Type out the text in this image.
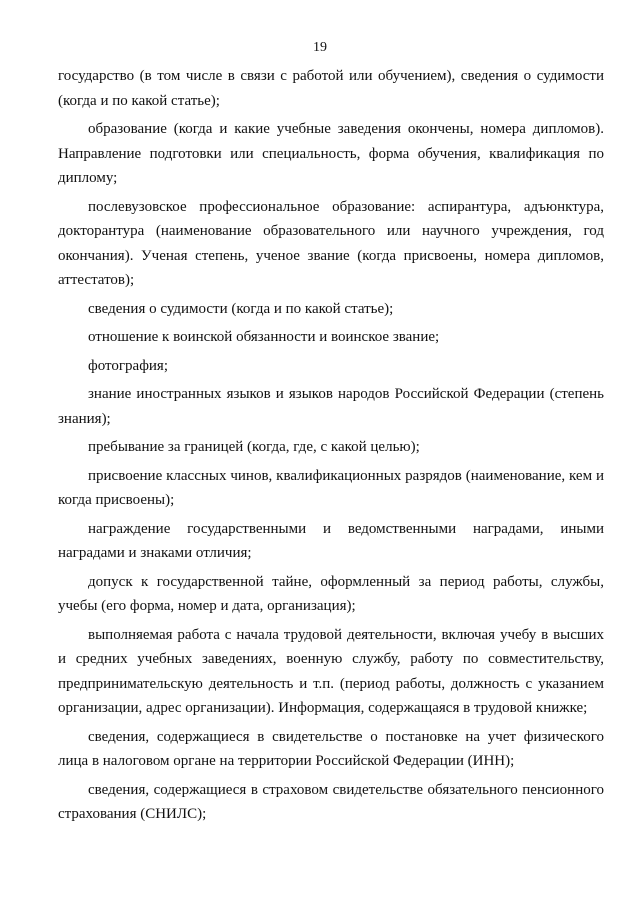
19

государство (в том числе в связи с работой или обучением), сведения о судимости (когда и по какой статье);

образование (когда и какие учебные заведения окончены, номера дипломов). Направление подготовки или специальность, форма обучения, квалификация по диплому;

послевузовское профессиональное образование: аспирантура, адъюнктура, докторантура (наименование образовательного или научного учреждения, год окончания). Ученая степень, ученое звание (когда присвоены, номера дипломов, аттестатов);

сведения о судимости (когда и по какой статье);

отношение к воинской обязанности и воинское звание;

фотография;

знание иностранных языков и языков народов Российской Федерации (степень знания);

пребывание за границей (когда, где, с какой целью);

присвоение классных чинов, квалификационных разрядов (наименование, кем и когда присвоены);

награждение государственными и ведомственными наградами, иными наградами и знаками отличия;

допуск к государственной тайне, оформленный за период работы, службы, учебы (его форма, номер и дата, организация);

выполняемая работа с начала трудовой деятельности, включая учебу в высших и средних учебных заведениях, военную службу, работу по совместительству, предпринимательскую деятельность и т.п. (период работы, должность с указанием организации, адрес организации). Информация, содержащаяся в трудовой книжке;

сведения, содержащиеся в свидетельстве о постановке на учет физического лица в налоговом органе на территории Российской Федерации (ИНН);

сведения, содержащиеся в страховом свидетельстве обязательного пенсионного страхования (СНИЛС);
